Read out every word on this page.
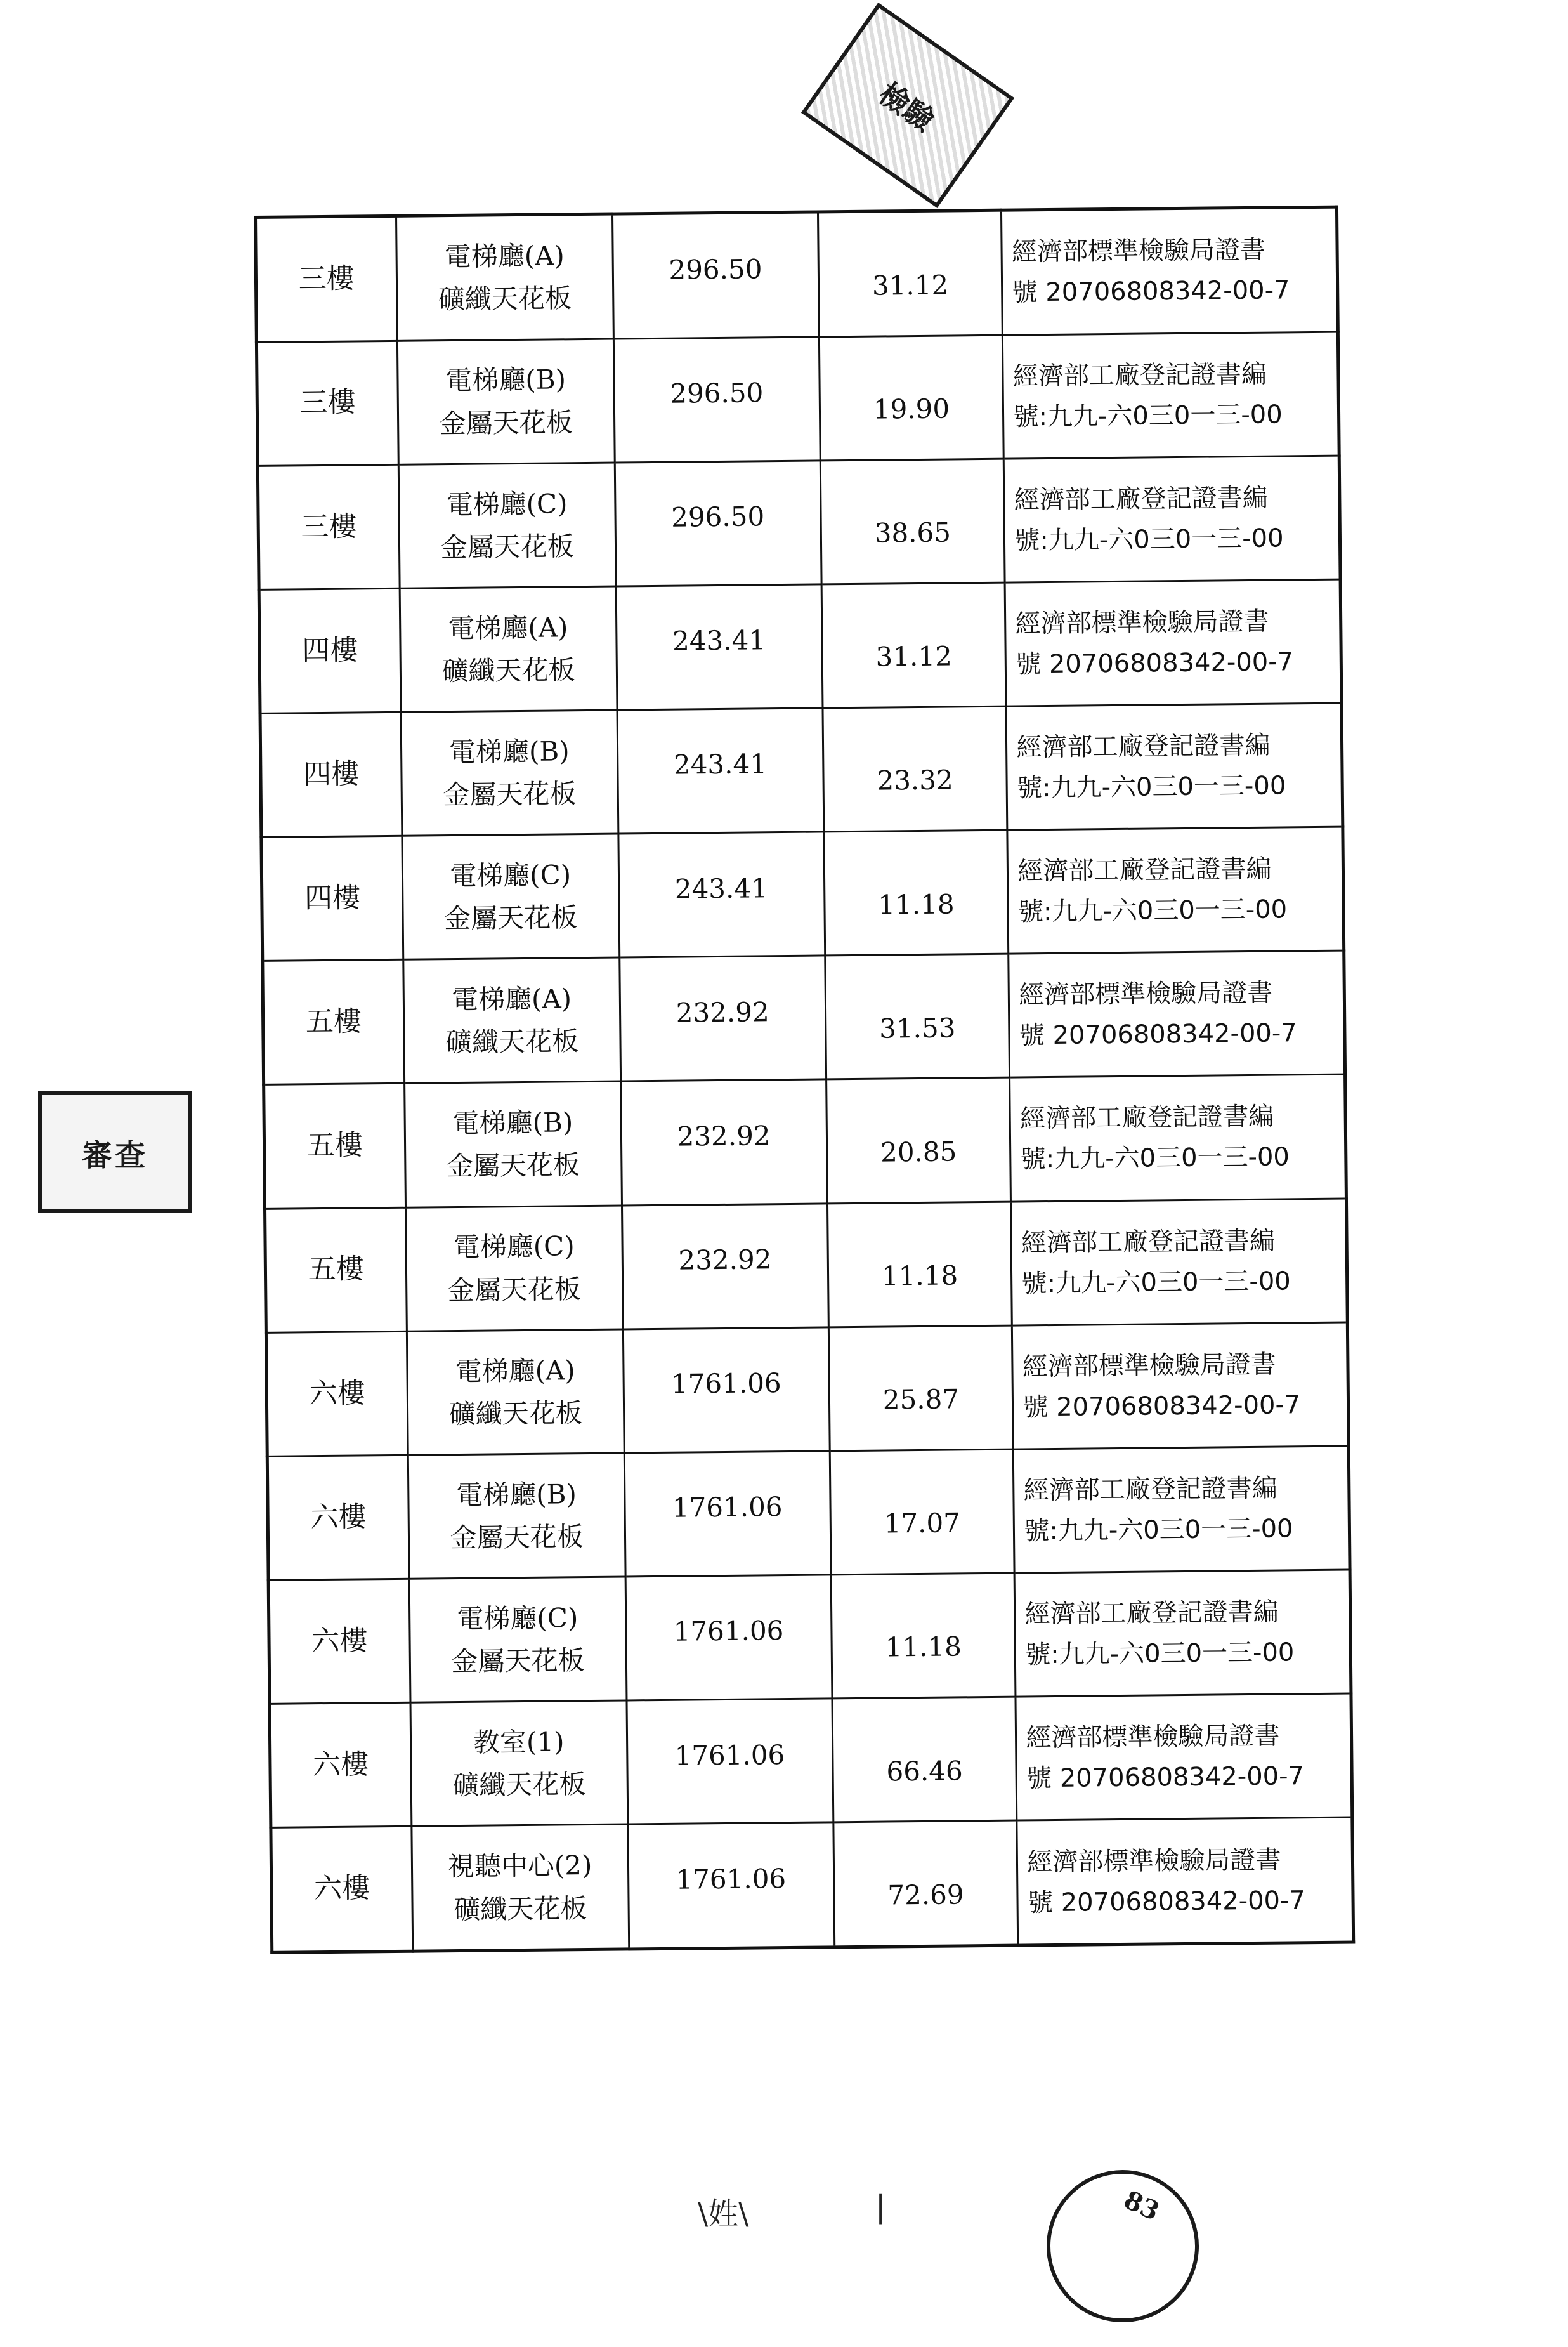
檢驗
審查
83
\姓\	|
三樓	電梯廳(A)
礦纖天花板	296.50	31.12	經濟部標準檢驗局證書
號 20706808342-00-7

三樓	電梯廳(B)
金屬天花板	296.50	19.90	經濟部工廠登記證書編
號:九九-六0三0一三-00

三樓	電梯廳(C)
金屬天花板	296.50	38.65	經濟部工廠登記證書編
號:九九-六0三0一三-00

四樓	電梯廳(A)
礦纖天花板	243.41	31.12	經濟部標準檢驗局證書
號 20706808342-00-7

四樓	電梯廳(B)
金屬天花板	243.41	23.32	經濟部工廠登記證書編
號:九九-六0三0一三-00

四樓	電梯廳(C)
金屬天花板	243.41	11.18	經濟部工廠登記證書編
號:九九-六0三0一三-00

五樓	電梯廳(A)
礦纖天花板	232.92	31.53	經濟部標準檢驗局證書
號 20706808342-00-7

五樓	電梯廳(B)
金屬天花板	232.92	20.85	經濟部工廠登記證書編
號:九九-六0三0一三-00

五樓	電梯廳(C)
金屬天花板	232.92	11.18	經濟部工廠登記證書編
號:九九-六0三0一三-00

六樓	電梯廳(A)
礦纖天花板	1761.06	25.87	經濟部標準檢驗局證書
號 20706808342-00-7

六樓	電梯廳(B)
金屬天花板	1761.06	17.07	經濟部工廠登記證書編
號:九九-六0三0一三-00

六樓	電梯廳(C)
金屬天花板	1761.06	11.18	經濟部工廠登記證書編
號:九九-六0三0一三-00

六樓	教室(1)
礦纖天花板	1761.06	66.46	經濟部標準檢驗局證書
號 20706808342-00-7

六樓	視聽中心(2)
礦纖天花板	1761.06	72.69	經濟部標準檢驗局證書
號 20706808342-00-7
